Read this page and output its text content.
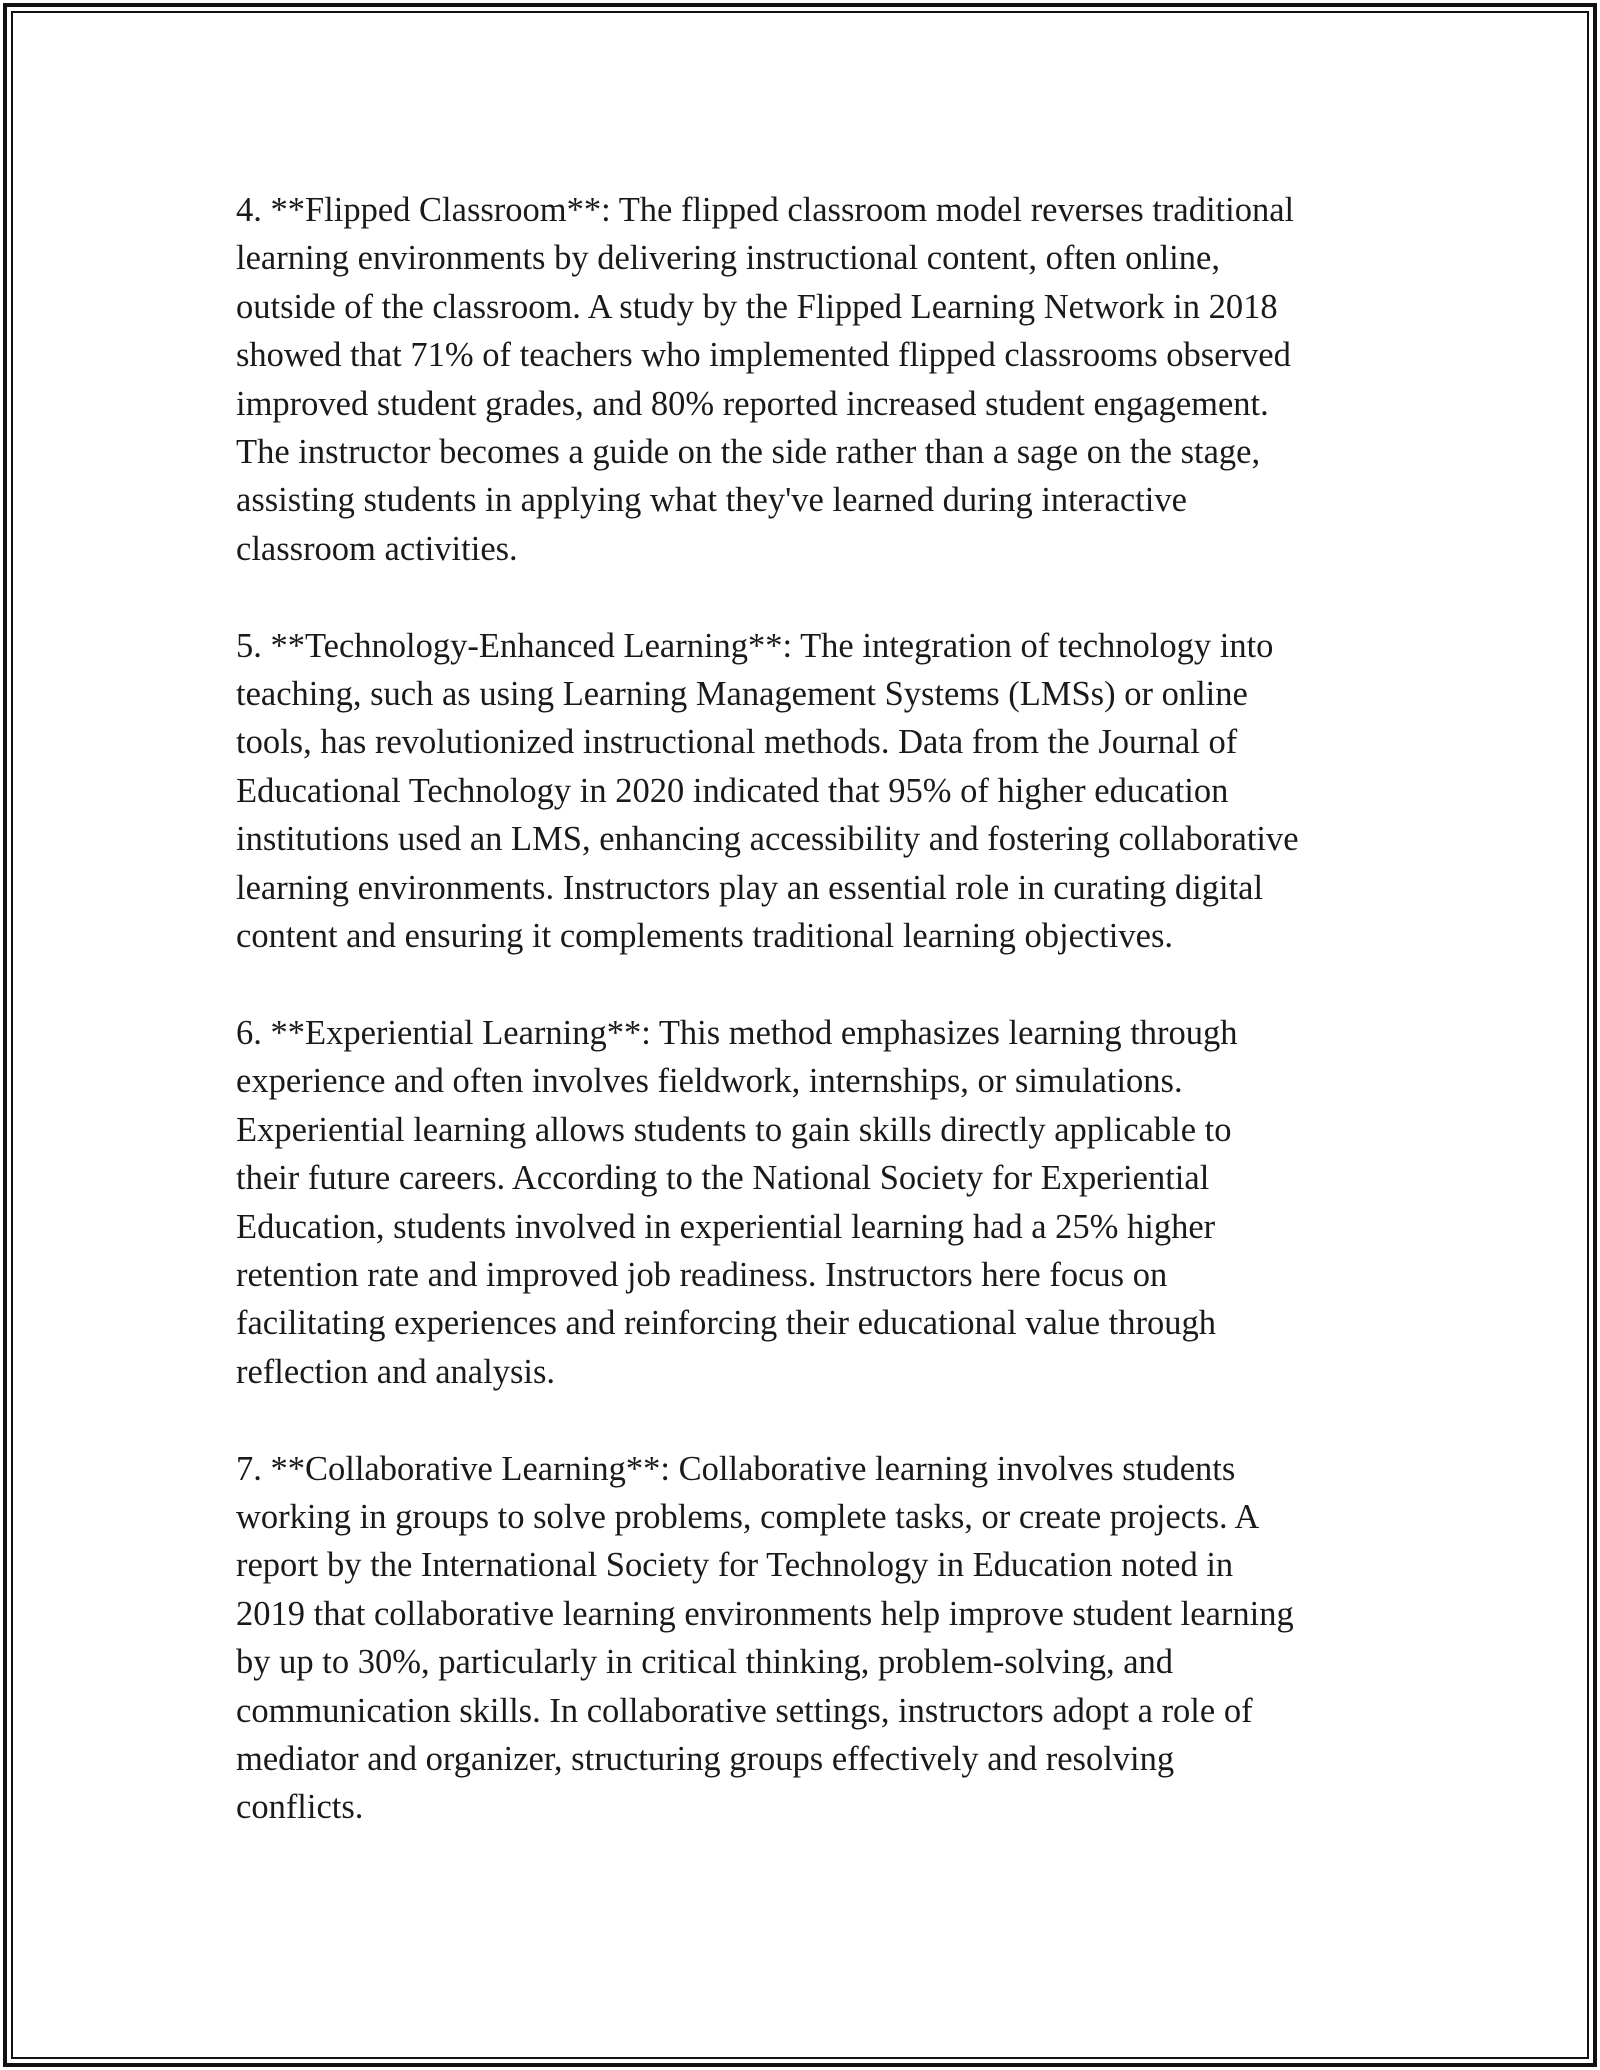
4. **Flipped Classroom**: The flipped classroom model reverses traditional
learning environments by delivering instructional content, often online,
outside of the classroom. A study by the Flipped Learning Network in 2018
showed that 71% of teachers who implemented flipped classrooms observed
improved student grades, and 80% reported increased student engagement.
The instructor becomes a guide on the side rather than a sage on the stage,
assisting students in applying what they've learned during interactive
classroom activities.

5. **Technology-Enhanced Learning**: The integration of technology into
teaching, such as using Learning Management Systems (LMSs) or online
tools, has revolutionized instructional methods. Data from the Journal of
Educational Technology in 2020 indicated that 95% of higher education
institutions used an LMS, enhancing accessibility and fostering collaborative
learning environments. Instructors play an essential role in curating digital
content and ensuring it complements traditional learning objectives.

6. **Experiential Learning**: This method emphasizes learning through
experience and often involves fieldwork, internships, or simulations.
Experiential learning allows students to gain skills directly applicable to
their future careers. According to the National Society for Experiential
Education, students involved in experiential learning had a 25% higher
retention rate and improved job readiness. Instructors here focus on
facilitating experiences and reinforcing their educational value through
reflection and analysis.

7. **Collaborative Learning**: Collaborative learning involves students
working in groups to solve problems, complete tasks, or create projects. A
report by the International Society for Technology in Education noted in
2019 that collaborative learning environments help improve student learning
by up to 30%, particularly in critical thinking, problem-solving, and
communication skills. In collaborative settings, instructors adopt a role of
mediator and organizer, structuring groups effectively and resolving
conflicts.
